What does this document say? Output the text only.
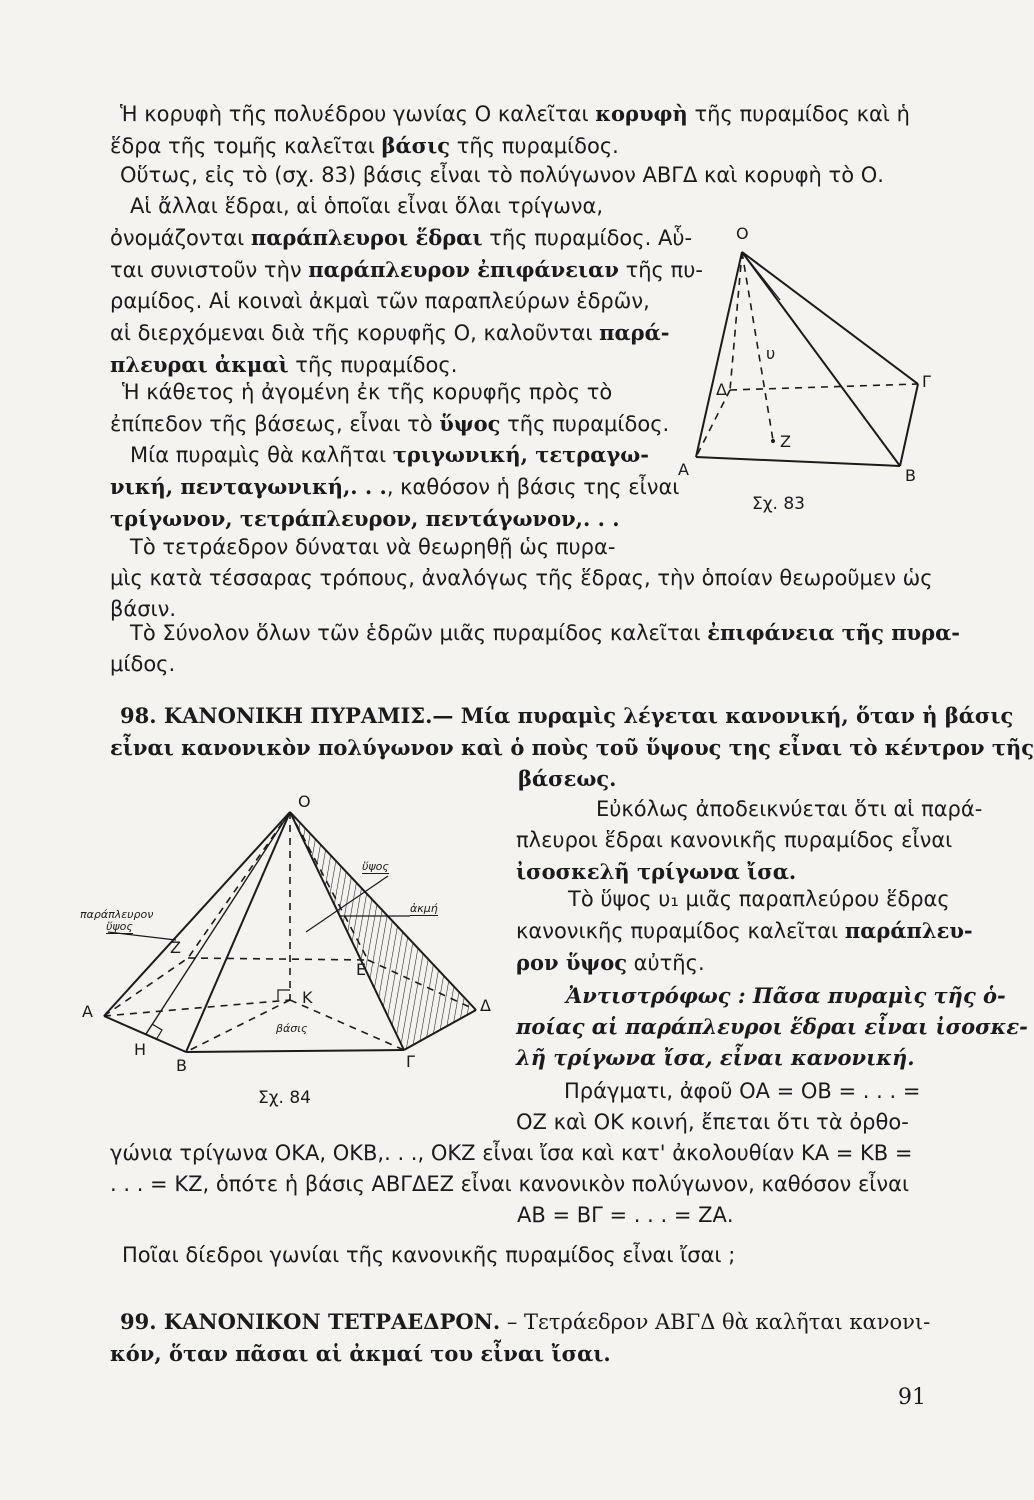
Ἡ κορυφὴ τῆς πολυέδρου γωνίας Ο καλεῖται κορυφὴ τῆς πυραμίδος καὶ ἡ
ἕδρα τῆς τομῆς καλεῖται βάσις τῆς πυραμίδος.

Οὕτως, εἰς τὸ (σχ. 83) βάσις εἶναι τὸ πολύγωνον ΑΒΓΔ καὶ κορυφὴ τὸ Ο.

Αἱ ἄλλαι ἕδραι, αἱ ὁποῖαι εἶναι ὅλαι τρίγωνα,
ὀνομάζονται παράπλευροι ἕδραι τῆς πυραμίδος. Αὗ-
ται συνιστοῦν τὴν παράπλευρον ἐπιφάνειαν τῆς πυ-
ραμίδος. Αἱ κοιναὶ ἀκμαὶ τῶν παραπλεύρων ἑδρῶν,
αἱ διερχόμεναι διὰ τῆς κορυφῆς Ο, καλοῦνται παρά-
πλευραι ἀκμαὶ τῆς πυραμίδος.

Ἡ κάθετος ἡ ἀγομένη ἐκ τῆς κορυφῆς πρὸς τὸ
ἐπίπεδον τῆς βάσεως, εἶναι τὸ ὕψος τῆς πυραμίδος.

Μία πυραμὶς θὰ καλῆται τριγωνική, τετραγω-
νική, πενταγωνική,. . ., καθόσον ἡ βάσις της εἶναι
τρίγωνον, τετράπλευρον, πεντάγωνον,. . .

Τὸ τετράεδρον δύναται νὰ θεωρηθῇ ὡς πυρα-
μὶς κατὰ τέσσαρας τρόπους, ἀναλόγως τῆς ἕδρας, τὴν ὁποίαν θεωροῦμεν ὡς
βάσιν.

Τὸ Σύνολον ὅλων τῶν ἑδρῶν μιᾶς πυραμίδος καλεῖται ἐπιφάνεια τῆς πυρα-
μίδος.

98. ΚΑΝΟΝΙΚΗ ΠΥΡΑΜΙΣ.— Μία πυραμὶς λέγεται κανονική, ὅταν ἡ βάσις
εἶναι κανονικὸν πολύγωνον καὶ ὁ ποὺς τοῦ ὕψους της εἶναι τὸ κέντρον τῆς
βάσεως.

Εὐκόλως ἀποδεικνύεται ὅτι αἱ παρά-
πλευροι ἕδραι κανονικῆς πυραμίδος εἶναι
ἰσοσκελῆ τρίγωνα ἴσα.

Τὸ ὕψος υ₁ μιᾶς παραπλεύρου ἕδρας
κανονικῆς πυραμίδος καλεῖται παράπλευ-
ρον ὕψος αὐτῆς.

Ἀντιστρόφως : Πᾶσα πυραμὶς τῆς ὁ-
ποίας αἱ παράπλευροι ἕδραι εἶναι ἰσοσκε-
λῆ τρίγωνα ἴσα, εἶναι κανονική.

Πράγματι, ἀφοῦ ΟΑ = ΟΒ = . . . =
ΟΖ καὶ ΟΚ κοινή, ἔπεται ὅτι τὰ ὀρθο-

γώνια τρίγωνα ΟΚΑ, ΟΚΒ,. . ., ΟΚΖ εἶναι ἴσα καὶ κατ' ἀκολουθίαν ΚΑ = ΚΒ =
. . . = ΚΖ, ὁπότε ἡ βάσις ΑΒΓΔΕΖ εἶναι κανονικὸν πολύγωνον, καθόσον εἶναι
ΑΒ = ΒΓ = . . . = ΖΑ.

Ποῖαι δίεδροι γωνίαι τῆς κανονικῆς πυραμίδος εἶναι ἴσαι ;

99. ΚΑΝΟΝΙΚΟΝ ΤΕΤΡΑΕΔΡΟΝ. – Τετράεδρον ΑΒΓΔ θὰ καλῆται κανονι-
κόν, ὅταν πᾶσαι αἱ ἀκμαί του εἶναι ἴσαι.
91
Ο
Γ
Δ
υ
Ζ
Α	Β
Σχ. 83
Ο
ὕψος
ἀκμή
παράπλευρον
ὕψος
Ζ
Ε
Κ
βάσις
Α	Δ
Η
Β	Γ
Σχ. 84
